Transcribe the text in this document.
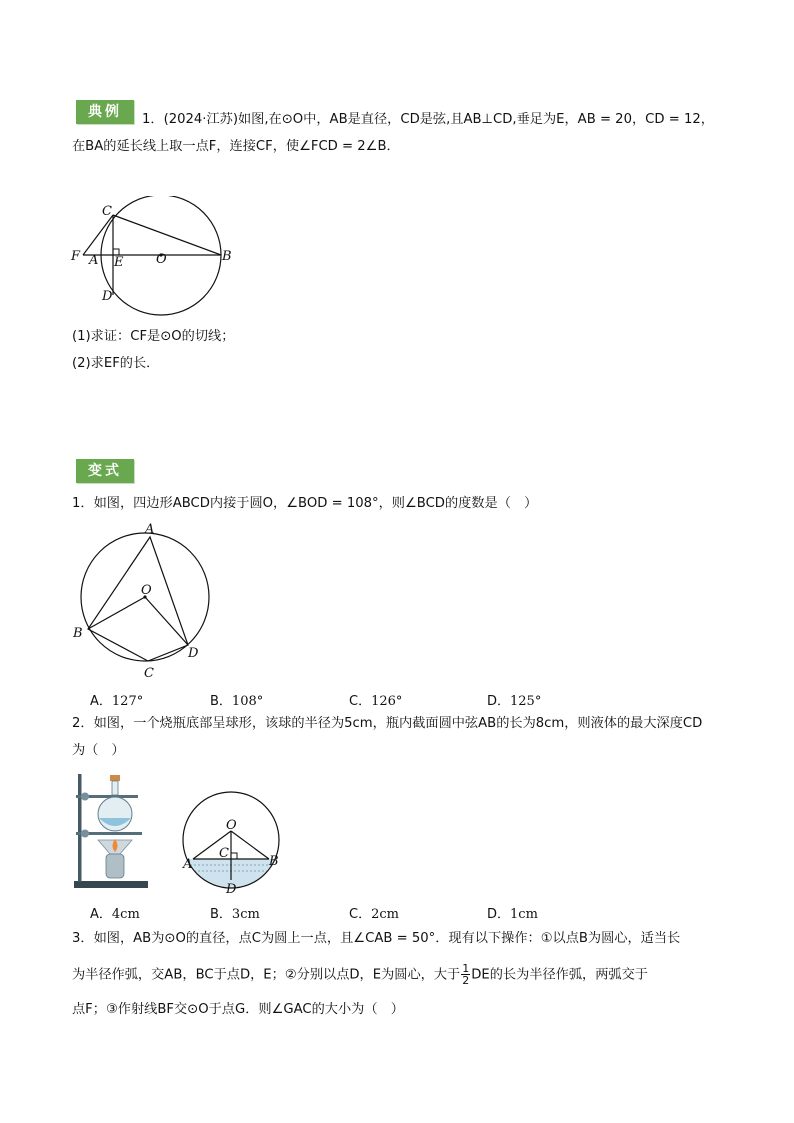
典例	1．(2024·江苏)如图,在⊙O中，AB是直径，CD是弦,且AB⊥CD,垂足为E，AB = 20，CD = 12，
在BA的延长线上取一点F，连接CF，使∠FCD = 2∠B．
C
F A E	O	B
D
(1)求证：CF是⊙O的切线；
(2)求EF的长．
变式
1．如图，四边形ABCD内接于圆O，∠BOD = 108°，则∠BCD的度数是（　）
A
O
B
C
D
A．127°	B．108°	C．126°	D．125°
2．如图，一个烧瓶底部呈球形，该球的半径为5cm，瓶内截面圆中弦AB的长为8cm，则液体的最大深度CD
为（　）
O
C
A	B
D
A．4cm	B．3cm	C．2cm	D．1cm
3．如图，AB为⊙O的直径，点C为圆上一点，且∠CAB = 50°．现有以下操作：①以点B为圆心，适当长
为半径作弧，交AB，BC于点D，E；②分别以点D，E为圆心，大于 $\frac{1}{2}$ DE的长为半径作弧，两弧交于
点F；③作射线BF交⊙O于点G．则∠GAC的大小为（　）
